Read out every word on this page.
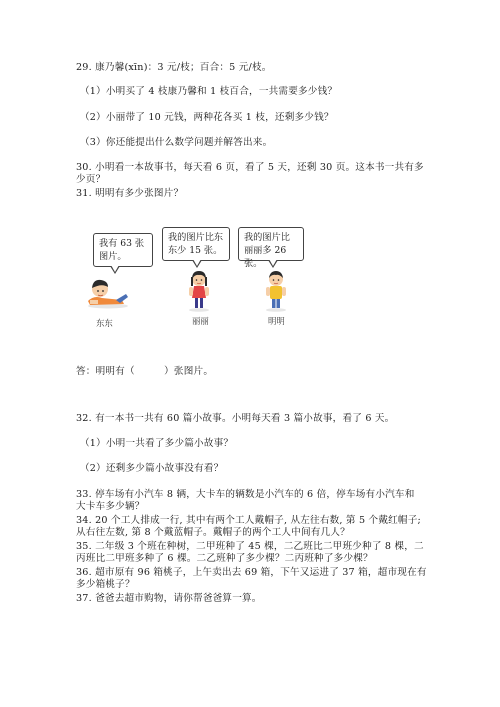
29. 康乃馨(xīn)：3 元/枝；百合：5 元/枝。
（1）小明买了 4 枝康乃馨和 1 枝百合，一共需要多少钱？
（2）小丽带了 10 元钱，两种花各买 1 枝，还剩多少钱？
（3）你还能提出什么数学问题并解答出来。
30. 小明看一本故事书，每天看 6 页，看了 5 天，还剩 30 页。这本书一共有多
少页？
31. 明明有多少张图片？
我有 63 张图片。
我的图片比东东少 15 张。
我的图片比丽丽多 26 张。
东东	丽丽	明明
答：明明有（　　　）张图片。
32. 有一本书一共有 60 篇小故事。小明每天看 3 篇小故事，看了 6 天。
（1）小明一共看了多少篇小故事？
（2）还剩多少篇小故事没有看？
33. 停车场有小汽车 8 辆，大卡车的辆数是小汽车的 6 倍，停车场有小汽车和
大卡车多少辆？
34. 20 个工人排成一行, 其中有两个工人戴帽子, 从左往右数, 第 5 个戴红帽子;
从右往左数, 第 8 个戴蓝帽子。戴帽子的两个工人中间有几人？
35. 二年级 3 个班在种树，二甲班种了 45 棵，二乙班比二甲班少种了 8 棵，二
丙班比二甲班多种了 6 棵。二乙班种了多少棵？二丙班种了多少棵？
36. 超市原有 96 箱桃子，上午卖出去 69 箱，下午又运进了 37 箱，超市现在有
多少箱桃子？
37. 爸爸去超市购物，请你帮爸爸算一算。
